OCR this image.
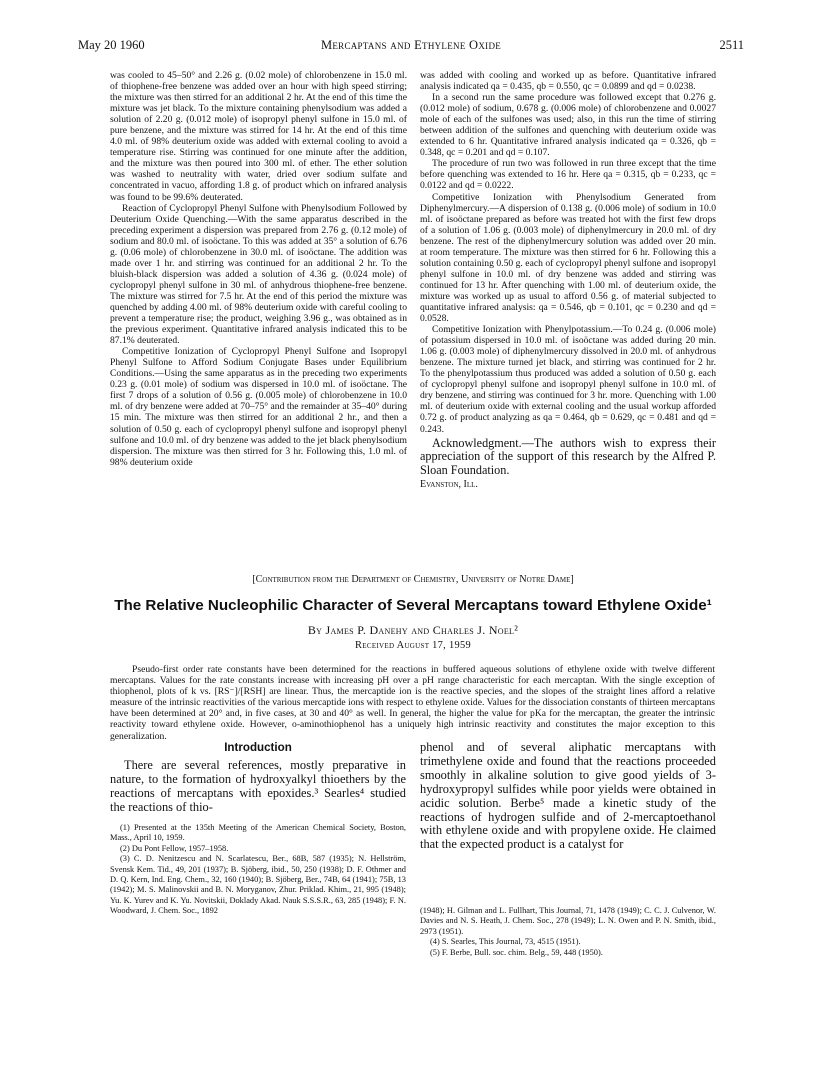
May 20 1960	Mercaptans and Ethylene Oxide	2511

was cooled to 45–50° and 2.26 g. (0.02 mole) of chlorobenzene in 15.0 ml. of thiophene-free benzene was added over an hour with high speed stirring; the mixture was then stirred for an additional 2 hr. At the end of this time the mixture was jet black. To the mixture containing phenylsodium was added a solution of 2.20 g. (0.012 mole) of isopropyl phenyl sulfone in 15.0 ml. of pure benzene, and the mixture was stirred for 14 hr. At the end of this time 4.0 ml. of 98% deuterium oxide was added with external cooling to avoid a temperature rise. Stirring was continued for one minute after the addition, and the mixture was then poured into 300 ml. of ether. The ether solution was washed to neutrality with water, dried over sodium sulfate and concentrated in vacuo, affording 1.8 g. of product which on infrared analysis was found to be 99.6% deuterated.

Reaction of Cyclopropyl Phenyl Sulfone with Phenylsodium Followed by Deuterium Oxide Quenching.—With the same apparatus described in the preceding experiment a dispersion was prepared from 2.76 g. (0.12 mole) of sodium and 80.0 ml. of isoöctane. To this was added at 35° a solution of 6.76 g. (0.06 mole) of chlorobenzene in 30.0 ml. of isoöctane. The addition was made over 1 hr. and stirring was continued for an additional 2 hr. To the bluish-black dispersion was added a solution of 4.36 g. (0.024 mole) of cyclopropyl phenyl sulfone in 30 ml. of anhydrous thiophene-free benzene. The mixture was stirred for 7.5 hr. At the end of this period the mixture was quenched by adding 4.00 ml. of 98% deuterium oxide with careful cooling to prevent a temperature rise; the product, weighing 3.96 g., was obtained as in the previous experiment. Quantitative infrared analysis indicated this to be 87.1% deuterated.

Competitive Ionization of Cyclopropyl Phenyl Sulfone and Isopropyl Phenyl Sulfone to Afford Sodium Conjugate Bases under Equilibrium Conditions.—Using the same apparatus as in the preceding two experiments 0.23 g. (0.01 mole) of sodium was dispersed in 10.0 ml. of isoöctane. The first 7 drops of a solution of 0.56 g. (0.005 mole) of chlorobenzene in 10.0 ml. of dry benzene were added at 70–75° and the remainder at 35–40° during 15 min. The mixture was then stirred for an additional 2 hr., and then a solution of 0.50 g. each of cyclopropyl phenyl sulfone and isopropyl phenyl sulfone and 10.0 ml. of dry benzene was added to the jet black phenylsodium dispersion. The mixture was then stirred for 3 hr. Following this, 1.0 ml. of 98% deuterium oxide

was added with cooling and worked up as before. Quantitative infrared analysis indicated qa = 0.435, qb = 0.550, qc = 0.0899 and qd = 0.0238.

In a second run the same procedure was followed except that 0.276 g. (0.012 mole) of sodium, 0.678 g. (0.006 mole) of chlorobenzene and 0.0027 mole of each of the sulfones was used; also, in this run the time of stirring between addition of the sulfones and quenching with deuterium oxide was extended to 6 hr. Quantitative infrared analysis indicated qa = 0.326, qb = 0.348, qc = 0.201 and qd = 0.107.

The procedure of run two was followed in run three except that the time before quenching was extended to 16 hr. Here qa = 0.315, qb = 0.233, qc = 0.0122 and qd = 0.0222.

Competitive Ionization with Phenylsodium Generated from Diphenylmercury.—A dispersion of 0.138 g. (0.006 mole) of sodium in 10.0 ml. of isoöctane prepared as before was treated hot with the first few drops of a solution of 1.06 g. (0.003 mole) of diphenylmercury in 20.0 ml. of dry benzene. The rest of the diphenylmercury solution was added over 20 min. at room temperature. The mixture was then stirred for 6 hr. Following this a solution containing 0.50 g. each of cyclopropyl phenyl sulfone and isopropyl phenyl sulfone in 10.0 ml. of dry benzene was added and stirring was continued for 13 hr. After quenching with 1.00 ml. of deuterium oxide, the mixture was worked up as usual to afford 0.56 g. of material subjected to quantitative infrared analysis: qa = 0.546, qb = 0.101, qc = 0.230 and qd = 0.0528.

Competitive Ionization with Phenylpotassium.—To 0.24 g. (0.006 mole) of potassium dispersed in 10.0 ml. of isoöctane was added during 20 min. 1.06 g. (0.003 mole) of diphenylmercury dissolved in 20.0 ml. of anhydrous benzene. The mixture turned jet black, and stirring was continued for 2 hr. To the phenylpotassium thus produced was added a solution of 0.50 g. each of cyclopropyl phenyl sulfone and isopropyl phenyl sulfone in 10.0 ml. of dry benzene, and stirring was continued for 3 hr. more. Quenching with 1.00 ml. of deuterium oxide with external cooling and the usual workup afforded 0.72 g. of product analyzing as qa = 0.464, qb = 0.629, qc = 0.481 and qd = 0.243.

Acknowledgment.—The authors wish to express their appreciation of the support of this research by the Alfred P. Sloan Foundation.

Evanston, Ill.

[Contribution from the Department of Chemistry, University of Notre Dame]
The Relative Nucleophilic Character of Several Mercaptans toward Ethylene Oxide¹
By James P. Danehy and Charles J. Noel²
Received August 17, 1959
Pseudo-first order rate constants have been determined for the reactions in buffered aqueous solutions of ethylene oxide with twelve different mercaptans. Values for the rate constants increase with increasing pH over a pH range characteristic for each mercaptan. With the single exception of thiophenol, plots of k vs. [RS⁻]/[RSH] are linear. Thus, the mercaptide ion is the reactive species, and the slopes of the straight lines afford a relative measure of the intrinsic reactivities of the various mercaptide ions with respect to ethylene oxide. Values for the dissociation constants of thirteen mercaptans have been determined at 20° and, in five cases, at 30 and 40° as well. In general, the higher the value for pKa for the mercaptan, the greater the intrinsic reactivity toward ethylene oxide. However, o-aminothiophenol has a uniquely high intrinsic reactivity and constitutes the major exception to this generalization.
Introduction
There are several references, mostly preparative in nature, to the formation of hydroxyalkyl thioethers by the reactions of mercaptans with epoxides.³ Searles⁴ studied the reactions of thio-
phenol and of several aliphatic mercaptans with trimethylene oxide and found that the reactions proceeded smoothly in alkaline solution to give good yields of 3-hydroxypropyl sulfides while poor yields were obtained in acidic solution. Berbe⁵ made a kinetic study of the reactions of hydrogen sulfide and of 2-mercaptoethanol with ethylene oxide and with propylene oxide. He claimed that the expected product is a catalyst for

(1) Presented at the 135th Meeting of the American Chemical Society, Boston, Mass., April 10, 1959.

(2) Du Pont Fellow, 1957–1958.

(3) C. D. Nenitzescu and N. Scarlatescu, Ber., 68B, 587 (1935); N. Hellström, Svensk Kem. Tid., 49, 201 (1937); B. Sjöberg, ibid., 50, 250 (1938); D. F. Othmer and D. Q. Kern, Ind. Eng. Chem., 32, 160 (1940); B. Sjöberg, Ber., 74B, 64 (1941); 75B, 13 (1942); M. S. Malinovskii and B. N. Moryganov, Zhur. Priklad. Khim., 21, 995 (1948); Yu. K. Yurev and K. Yu. Novitskii, Doklady Akad. Nauk S.S.S.R., 63, 285 (1948); F. N. Woodward, J. Chem. Soc., 1892	(1948); H. Gilman and L. Fullhart, This Journal, 71, 1478 (1949); C. C. J. Culvenor, W. Davies and N. S. Heath, J. Chem. Soc., 278 (1949); L. N. Owen and P. N. Smith, ibid., 2973 (1951).

(4) S. Searles, This Journal, 73, 4515 (1951).

(5) F. Berbe, Bull. soc. chim. Belg., 59, 448 (1950).
